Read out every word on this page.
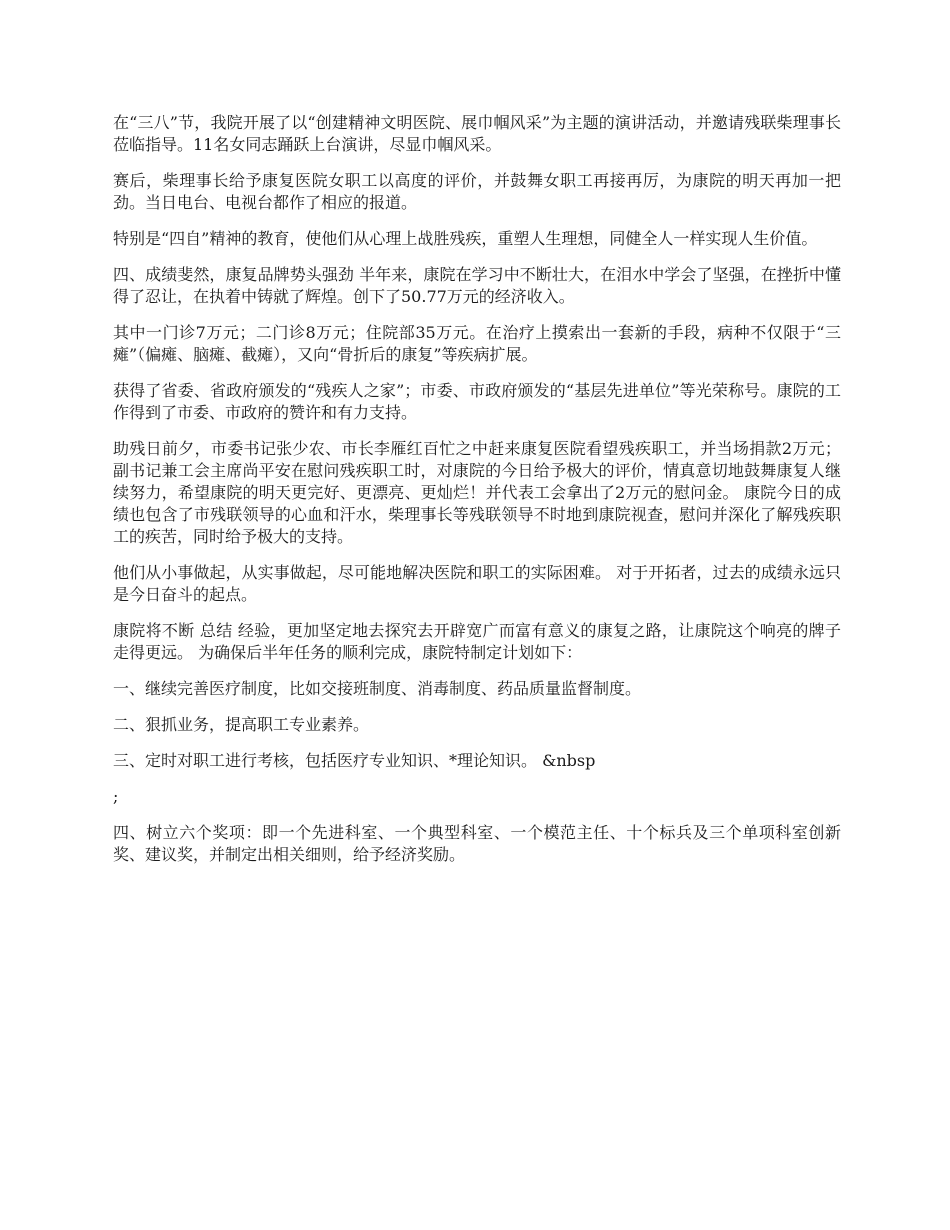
在“三八”节，我院开展了以“创建精神文明医院、展巾帼风采”为主题的演讲活动，并邀请残联柴理事长莅临指导。11名女同志踊跃上台演讲，尽显巾帼风采。

赛后，柴理事长给予康复医院女职工以高度的评价，并鼓舞女职工再接再厉，为康院的明天再加一把劲。当日电台、电视台都作了相应的报道。

特别是“四自”精神的教育，使他们从心理上战胜残疾，重塑人生理想，同健全人一样实现人生价值。

四、成绩斐然，康复品牌势头强劲 半年来，康院在学习中不断壮大，在泪水中学会了坚强，在挫折中懂得了忍让，在执着中铸就了辉煌。创下了50.77万元的经济收入。

其中一门诊7万元；二门诊8万元；住院部35万元。在治疗上摸索出一套新的手段，病种不仅限于“三瘫”（偏瘫、脑瘫、截瘫），又向“骨折后的康复”等疾病扩展。

获得了省委、省政府颁发的“残疾人之家”；市委、市政府颁发的“基层先进单位”等光荣称号。康院的工作得到了市委、市政府的赞许和有力支持。

助残日前夕，市委书记张少农、市长李雁红百忙之中赶来康复医院看望残疾职工，并当场捐款2万元；副书记兼工会主席尚平安在慰问残疾职工时，对康院的今日给予极大的评价，情真意切地鼓舞康复人继续努力，希望康院的明天更完好、更漂亮、更灿烂！并代表工会拿出了2万元的慰问金。 康院今日的成绩也包含了市残联领导的心血和汗水，柴理事长等残联领导不时地到康院视查，慰问并深化了解残疾职工的疾苦，同时给予极大的支持。

他们从小事做起，从实事做起，尽可能地解决医院和职工的实际困难。 对于开拓者，过去的成绩永远只是今日奋斗的起点。

康院将不断 总结 经验，更加坚定地去探究去开辟宽广而富有意义的康复之路，让康院这个响亮的牌子走得更远。 为确保后半年任务的顺利完成，康院特制定计划如下：

一、继续完善医疗制度，比如交接班制度、消毒制度、药品质量监督制度。

二、狠抓业务，提高职工专业素养。

三、定时对职工进行考核，包括医疗专业知识、*理论知识。 &nbsp

;

四、树立六个奖项：即一个先进科室、一个典型科室、一个模范主任、十个标兵及三个单项科室创新奖、建议奖，并制定出相关细则，给予经济奖励。
